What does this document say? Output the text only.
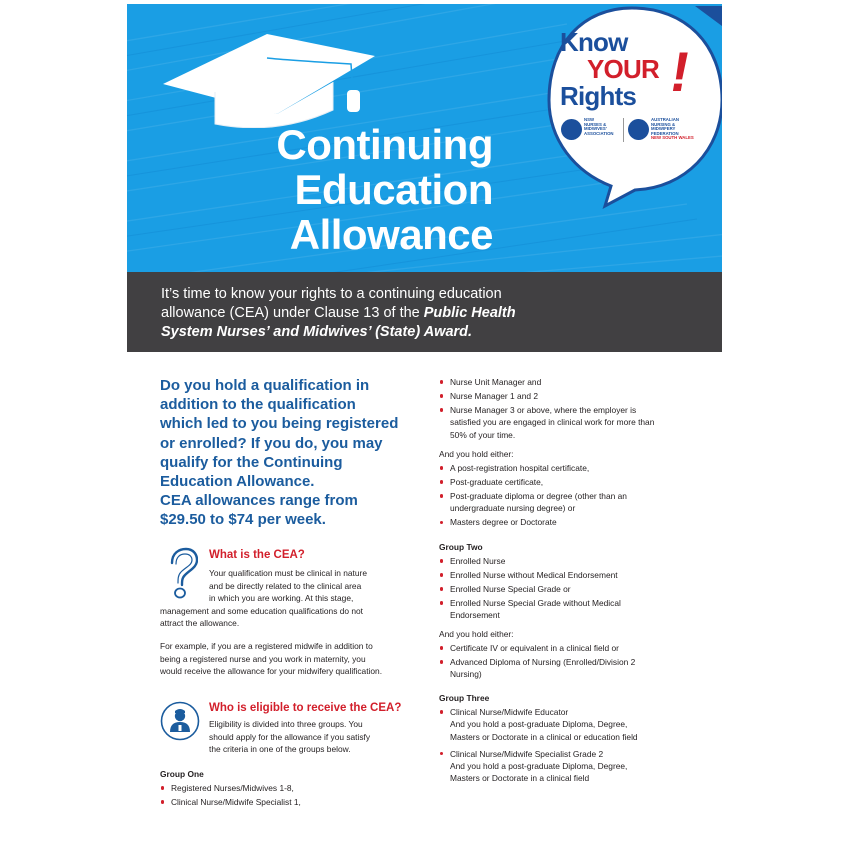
Continuing
Education
Allowance
Know
YOUR
Rights !
NSW
NURSES &
MIDWIVES'
ASSOCIATION
AUSTRALIAN
NURSING &
MIDWIFERY
FEDERATION
NEW SOUTH WALES
It’s time to know your rights to a continuing education
allowance (CEA) under Clause 13 of the Public Health
System Nurses’ and Midwives’ (State) Award.
Do you hold a qualification in
addition to the qualification
which led to you being registered
or enrolled? If you do, you may
qualify for the Continuing
Education Allowance.
CEA allowances range from
$29.50 to $74 per week.
What is the CEA?
Your qualification must be clinical in nature
and be directly related to the clinical area
in which you are working. At this stage,
management and some education qualifications do not
attract the allowance.
For example, if you are a registered midwife in addition to
being a registered nurse and you work in maternity, you
would receive the allowance for your midwifery qualification.
Who is eligible to receive the CEA?
Eligibility is divided into three groups. You
should apply for the allowance if you satisfy
the criteria in one of the groups below.
Group One
Registered Nurses/Midwives 1-8,
Clinical Nurse/Midwife Specialist 1,
Nurse Unit Manager and
Nurse Manager 1 and 2
Nurse Manager 3 or above, where the employer is
satisfied you are engaged in clinical work for more than
50% of your time.
And you hold either:
A post-registration hospital certificate,
Post-graduate certificate,
Post-graduate diploma or degree (other than an
undergraduate nursing degree) or
Masters degree or Doctorate
Group Two
Enrolled Nurse
Enrolled Nurse without Medical Endorsement
Enrolled Nurse Special Grade or
Enrolled Nurse Special Grade without Medical
Endorsement
And you hold either:
Certificate IV or equivalent in a clinical field or
Advanced Diploma of Nursing (Enrolled/Division 2
Nursing)
Group Three
Clinical Nurse/Midwife Educator
And you hold a post-graduate Diploma, Degree,
Masters or Doctorate in a clinical or education field
Clinical Nurse/Midwife Specialist Grade 2
And you hold a post-graduate Diploma, Degree,
Masters or Doctorate in a clinical field
